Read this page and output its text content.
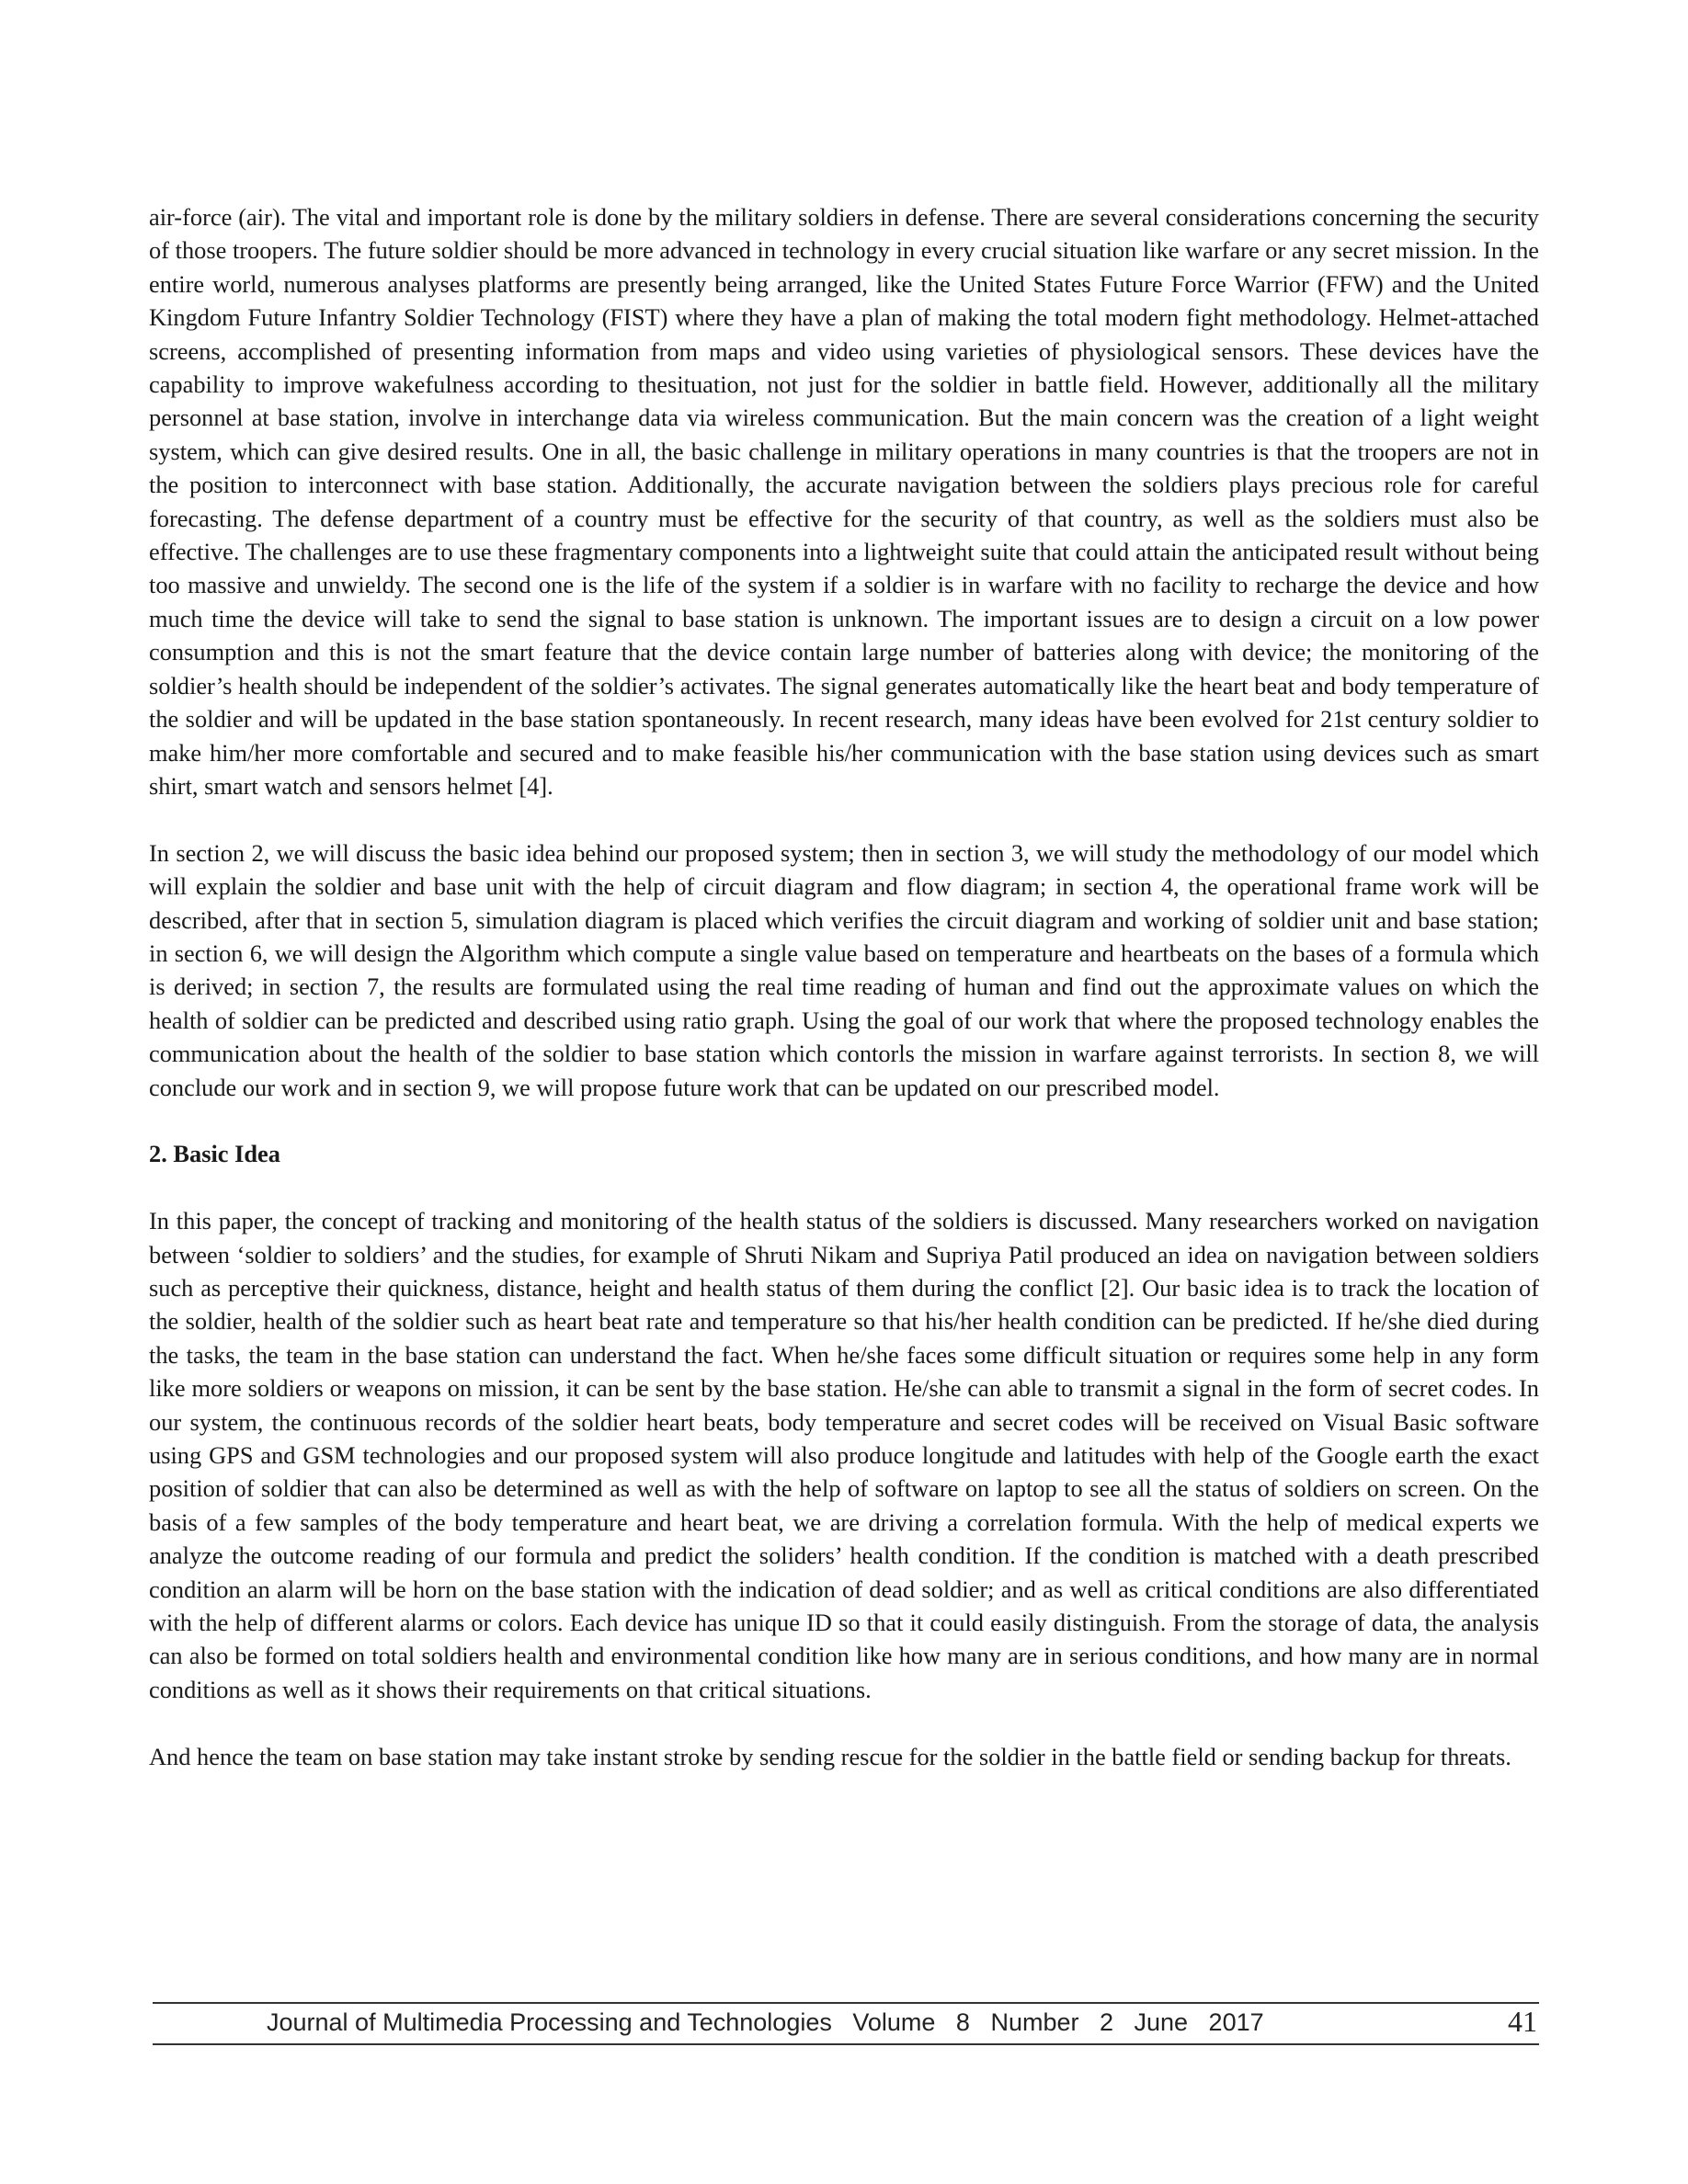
air-force (air). The vital and important role is done by the military soldiers in defense. There are several considerations concerning the security of those troopers. The future soldier should be more advanced in technology in every crucial situation like warfare or any secret mission. In the entire world, numerous analyses platforms are presently being arranged, like the United States Future Force Warrior (FFW) and the United Kingdom Future Infantry Soldier Technology (FIST) where they have a plan of making the total modern fight methodology. Helmet-attached screens, accomplished of presenting information from maps and video using varieties of physiological sensors. These devices have the capability to improve wakefulness according to thesituation, not just for the soldier in battle field. However, additionally all the military personnel at base station, involve in interchange data via wireless communication. But the main concern was the creation of a light weight system, which can give desired results. One in all, the basic challenge in military operations in many countries is that the troopers are not in the position to interconnect with base station. Additionally, the accurate navigation between the soldiers plays precious role for careful forecasting. The defense department of a country must be effective for the security of that country, as well as the soldiers must also be effective. The challenges are to use these fragmentary components into a lightweight suite that could attain the anticipated result without being too massive and unwieldy. The second one is the life of the system if a soldier is in warfare with no facility to recharge the device and how much time the device will take to send the signal to base station is unknown. The important issues are to design a circuit on a low power consumption and this is not the smart feature that the device contain large number of batteries along with device; the monitoring of the soldier’s health should be independent of the soldier’s activates. The signal generates automatically like the heart beat and body temperature of the soldier and will be updated in the base station spontaneously. In recent research, many ideas have been evolved for 21st century soldier to make him/her more comfortable and secured and to make feasible his/her communication with the base station using devices such as smart shirt, smart watch and sensors helmet [4].

In section 2, we will discuss the basic idea behind our proposed system; then in section 3, we will study the methodology of our model which will explain the soldier and base unit with the help of circuit diagram and flow diagram; in section 4, the operational frame work will be described, after that in section 5, simulation diagram is placed which verifies the circuit diagram and working of soldier unit and base station; in section 6, we will design the Algorithm which compute a single value based on temperature and heartbeats on the bases of a formula which is derived; in section 7, the results are formulated using the real time reading of human and find out the approximate values on which the health of soldier can be predicted and described using ratio graph. Using the goal of our work that where the proposed technology enables the communication about the health of the soldier to base station which contorls the mission in warfare against terrorists. In section 8, we will conclude our work and in section 9, we will propose future work that can be updated on our prescribed model.

2. Basic Idea

In this paper, the concept of tracking and monitoring of the health status of the soldiers is discussed. Many researchers worked on navigation between ‘soldier to soldiers’ and the studies, for example of Shruti Nikam and Supriya Patil produced an idea on navigation between soldiers such as perceptive their quickness, distance, height and health status of them during the conflict [2]. Our basic idea is to track the location of the soldier, health of the soldier such as heart beat rate and temperature so that his/her health condition can be predicted. If he/she died during the tasks, the team in the base station can understand the fact. When he/she faces some difficult situation or requires some help in any form like more soldiers or weapons on mission, it can be sent by the base station. He/she can able to transmit a signal in the form of secret codes. In our system, the continuous records of the soldier heart beats, body temperature and secret codes will be received on Visual Basic software using GPS and GSM technologies and our proposed system will also produce longitude and latitudes with help of the Google earth the exact position of soldier that can also be determined as well as with the help of software on laptop to see all the status of soldiers on screen. On the basis of a few samples of the body temperature and heart beat, we are driving a correlation formula. With the help of medical experts we analyze the outcome reading of our formula and predict the soliders’ health condition. If the condition is matched with a death prescribed condition an alarm will be horn on the base station with the indication of dead soldier; and as well as critical conditions are also differentiated with the help of different alarms or colors. Each device has unique ID so that it could easily distinguish. From the storage of data, the analysis can also be formed on total soldiers health and environmental condition like how many are in serious conditions, and how many are in normal conditions as well as it shows their requirements on that critical situations.

And hence the team on base station may take instant stroke by sending rescue for the soldier in the battle field or sending backup for threats.

Journal of Multimedia Processing and Technologies   Volume   8   Number   2   June   2017	41
